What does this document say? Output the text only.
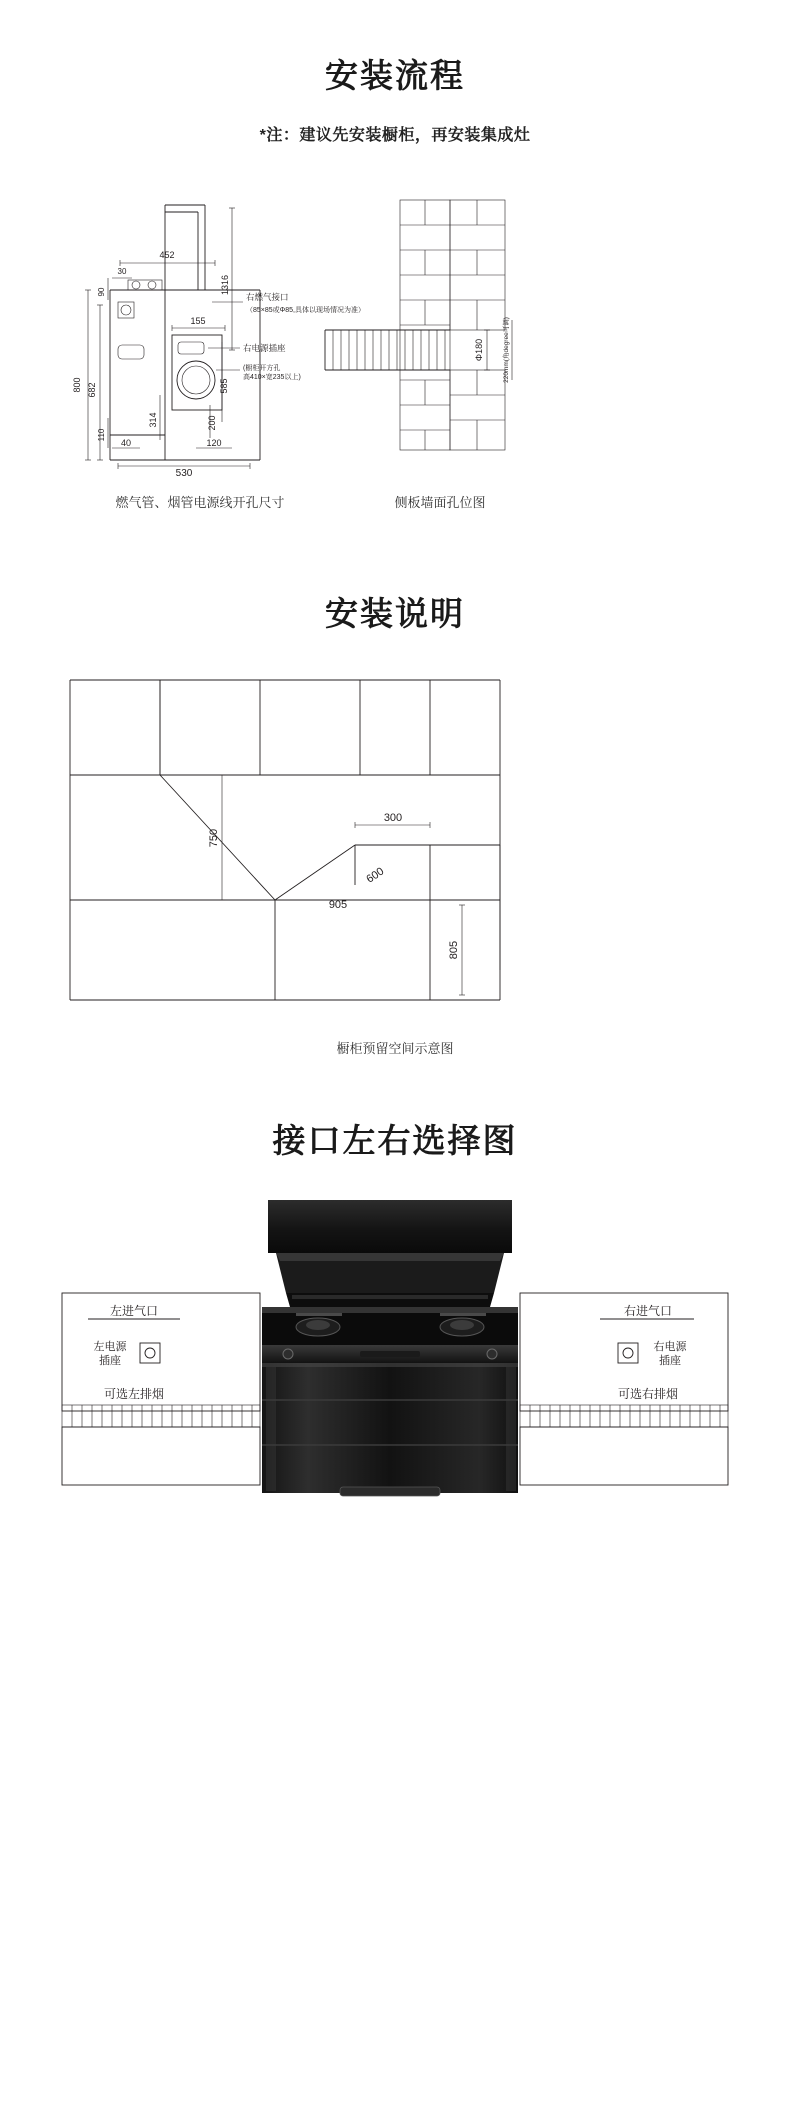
安装流程
*注：建议先安装橱柜，再安装集成灶
800 682
90
110
452
30
155
1316
585
200
314
40	120
530
右燃气接口
（85×85或Φ85,具体以现场情况为准）
右电源插座
(橱柜开方孔
高410×宽235以上)
Φ180	220mm(角degree可调)
燃气管、烟管电源线开孔尺寸	侧板墙面孔位图
安装说明
750
300
600
905
805
橱柜预留空间示意图
接口左右选择图
左进气口
左电源
插座
可选左排烟
右进气口
右电源
插座
可选右排烟
